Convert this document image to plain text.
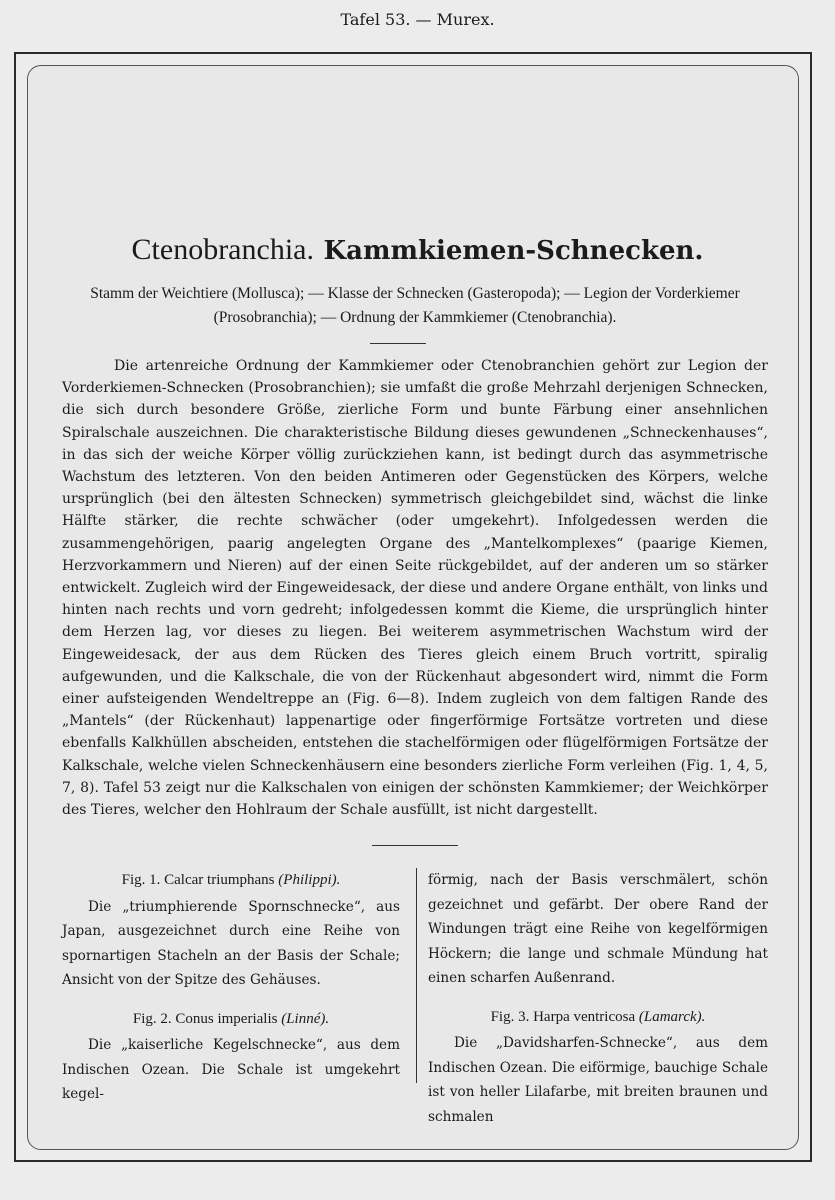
Tafel 53. — Murex.
Ctenobranchia. Kammkiemen-Schnecken.
Stamm der Weichtiere (Mollusca); — Klasse der Schnecken (Gasteropoda); — Legion der Vorderkiemer (Prosobranchia); — Ordnung der Kammkiemer (Ctenobranchia).

Die artenreiche Ordnung der Kammkiemer oder Ctenobranchien gehört zur Legion der Vorderkiemen-Schnecken (Prosobranchien); sie umfaßt die große Mehrzahl derjenigen Schnecken, die sich durch besondere Größe, zierliche Form und bunte Färbung einer ansehnlichen Spiralschale auszeichnen. Die charakteristische Bildung dieses gewundenen „Schneckenhauses“, in das sich der weiche Körper völlig zurückziehen kann, ist bedingt durch das asymmetrische Wachstum des letzteren. Von den beiden Antimeren oder Gegenstücken des Körpers, welche ursprünglich (bei den ältesten Schnecken) symmetrisch gleichgebildet sind, wächst die linke Hälfte stärker, die rechte schwächer (oder umgekehrt). Infolgedessen werden die zusammengehörigen, paarig angelegten Organe des „Mantelkomplexes“ (paarige Kiemen, Herzvorkammern und Nieren) auf der einen Seite rückgebildet, auf der anderen um so stärker entwickelt. Zugleich wird der Eingeweidesack, der diese und andere Organe enthält, von links und hinten nach rechts und vorn gedreht; infolgedessen kommt die Kieme, die ursprünglich hinter dem Herzen lag, vor dieses zu liegen. Bei weiterem asymmetrischen Wachstum wird der Eingeweidesack, der aus dem Rücken des Tieres gleich einem Bruch vortritt, spiralig aufgewunden, und die Kalkschale, die von der Rückenhaut abgesondert wird, nimmt die Form einer aufsteigenden Wendeltreppe an (Fig. 6—8). Indem zugleich von dem faltigen Rande des „Mantels“ (der Rückenhaut) lappenartige oder fingerförmige Fortsätze vortreten und diese ebenfalls Kalkhüllen abscheiden, entstehen die stachelförmigen oder flügelförmigen Fortsätze der Kalkschale, welche vielen Schneckenhäusern eine besonders zierliche Form verleihen (Fig. 1, 4, 5, 7, 8). Tafel 53 zeigt nur die Kalkschalen von einigen der schönsten Kammkiemer; der Weichkörper des Tieres, welcher den Hohlraum der Schale ausfüllt, ist nicht dargestellt.

Fig. 1. Calcar triumphans (Philippi).

Die „triumphierende Spornschnecke“, aus Japan, ausgezeichnet durch eine Reihe von spornartigen Stacheln an der Basis der Schale; Ansicht von der Spitze des Gehäuses.

Fig. 2. Conus imperialis (Linné).

Die „kaiserliche Kegelschnecke“, aus dem Indischen Ozean. Die Schale ist umgekehrt kegel-

förmig, nach der Basis verschmälert, schön gezeichnet und gefärbt. Der obere Rand der Windungen trägt eine Reihe von kegelförmigen Höckern; die lange und schmale Mündung hat einen scharfen Außenrand.

Fig. 3. Harpa ventricosa (Lamarck).

Die „Davidsharfen-Schnecke“, aus dem Indischen Ozean. Die eiförmige, bauchige Schale ist von heller Lilafarbe, mit breiten braunen und schmalen
